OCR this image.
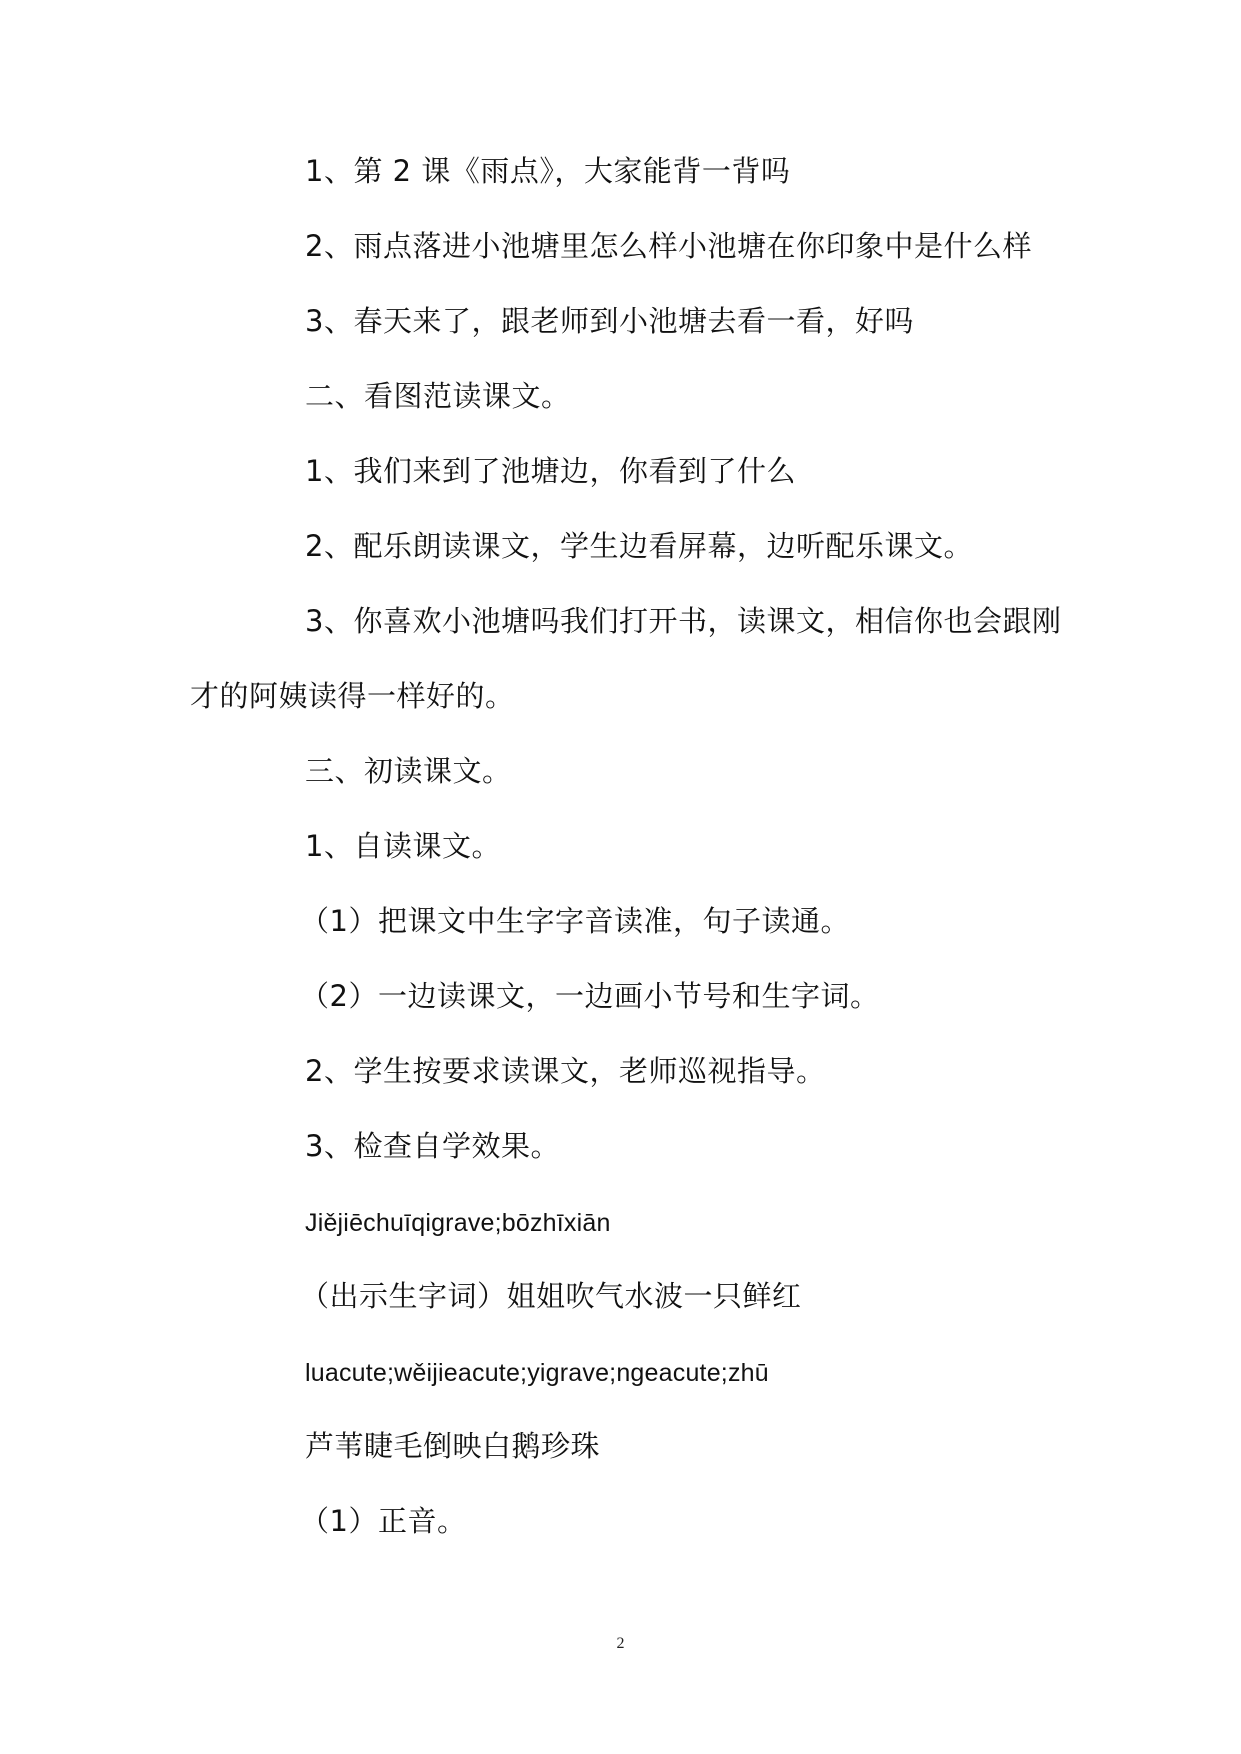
1、第 2 课《雨点》，大家能背一背吗
2、雨点落进小池塘里怎么样小池塘在你印象中是什么样
3、春天来了，跟老师到小池塘去看一看，好吗
二、看图范读课文。
1、我们来到了池塘边，你看到了什么
2、配乐朗读课文，学生边看屏幕，边听配乐课文。
3、你喜欢小池塘吗我们打开书，读课文，相信你也会跟刚
才的阿姨读得一样好的。
三、初读课文。
1、自读课文。
（1）把课文中生字字音读准，句子读通。
（2）一边读课文，一边画小节号和生字词。
2、学生按要求读课文，老师巡视指导。
3、检查自学效果。
Jiějiēchuīqigrave;bōzhīxiān
（出示生字词）姐姐吹气水波一只鲜红
luacute;wěijieacute;yigrave;ngeacute;zhū
芦苇睫毛倒映白鹅珍珠
（1）正音。
2
